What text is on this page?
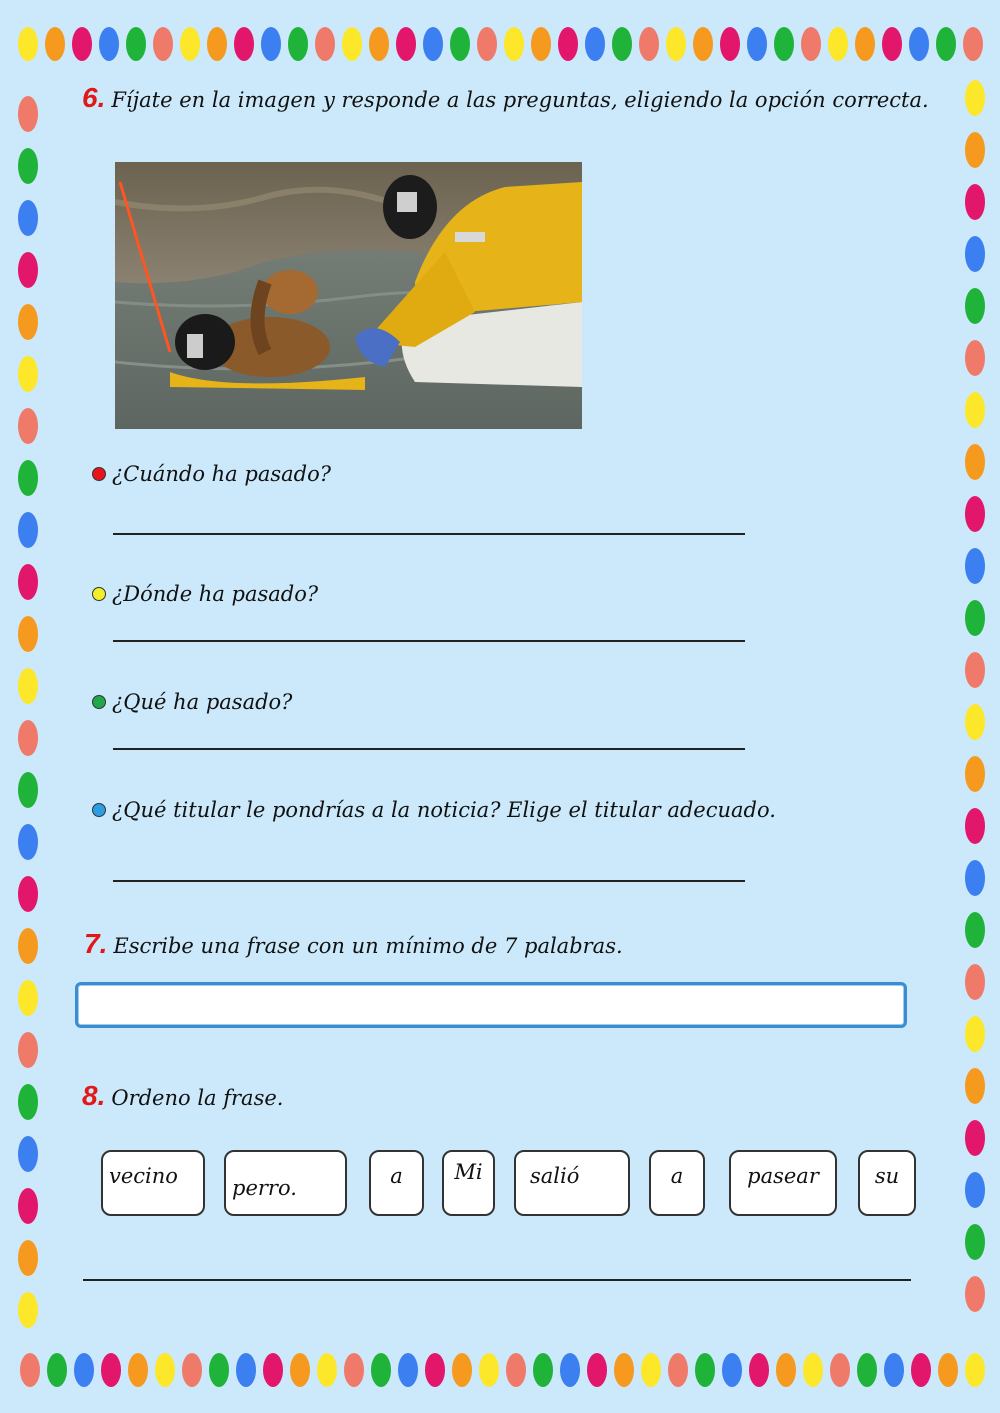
6. Fíjate en la imagen y responde a las preguntas, eligiendo la opción correcta.
¿Cuándo ha pasado?
¿Dónde ha pasado?
¿Qué ha pasado?
¿Qué titular le pondrías a la noticia? Elige el titular adecuado.
7. Escribe una frase con un mínimo de 7 palabras.
8. Ordeno la frase.
vecino	perro.	a	Mi	salió	a	pasear	su
